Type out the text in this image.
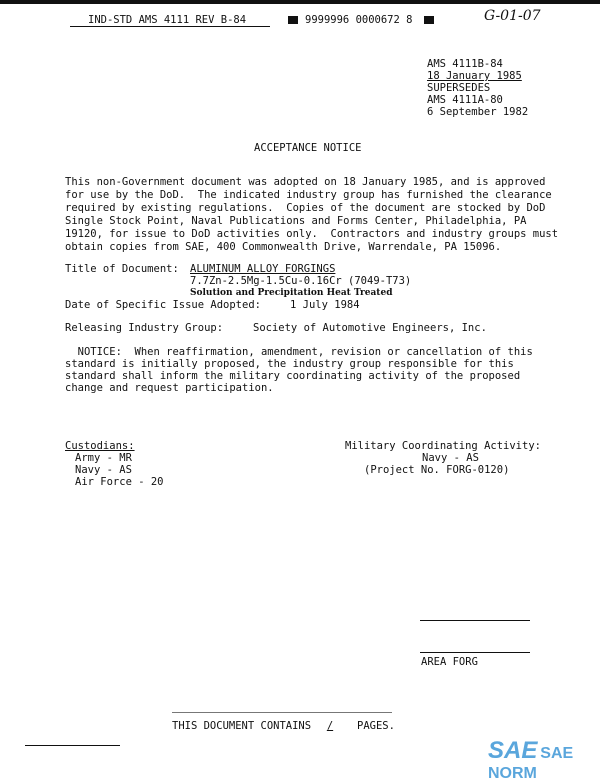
IND-STD AMS 4111 REV B-84	9999996 0000672 8	G-01-07
AMS 4111B-84
18 January 1985
SUPERSEDES
AMS 4111A-80
6 September 1982
ACCEPTANCE NOTICE
This non-Government document was adopted on 18 January 1985, and is approved
for use by the DoD.  The indicated industry group has furnished the clearance
required by existing regulations.  Copies of the document are stocked by DoD
Single Stock Point, Naval Publications and Forms Center, Philadelphia, PA
19120, for issue to DoD activities only.  Contractors and industry groups must
obtain copies from SAE, 400 Commonwealth Drive, Warrendale, PA 15096.
Title of Document: ALUMINUM ALLOY FORGINGS
7.7Zn-2.5Mg-1.5Cu-0.16Cr (7049-T73)
Solution and Precipitation Heat Treated
Date of Specific Issue Adopted:	1 July 1984
Releasing Industry Group:	Society of Automotive Engineers, Inc.
NOTICE:  When reaffirmation, amendment, revision or cancellation of this
standard is initially proposed, the industry group responsible for this
standard shall inform the military coordinating activity of the proposed
change and request participation.
Custodians:
Army - MR
Navy - AS
Air Force - 20
Military Coordinating Activity:
Navy - AS
(Project No. FORG-0120)
AREA FORG
THIS DOCUMENT CONTAINS	/	PAGES.
SAE SAE NORM
